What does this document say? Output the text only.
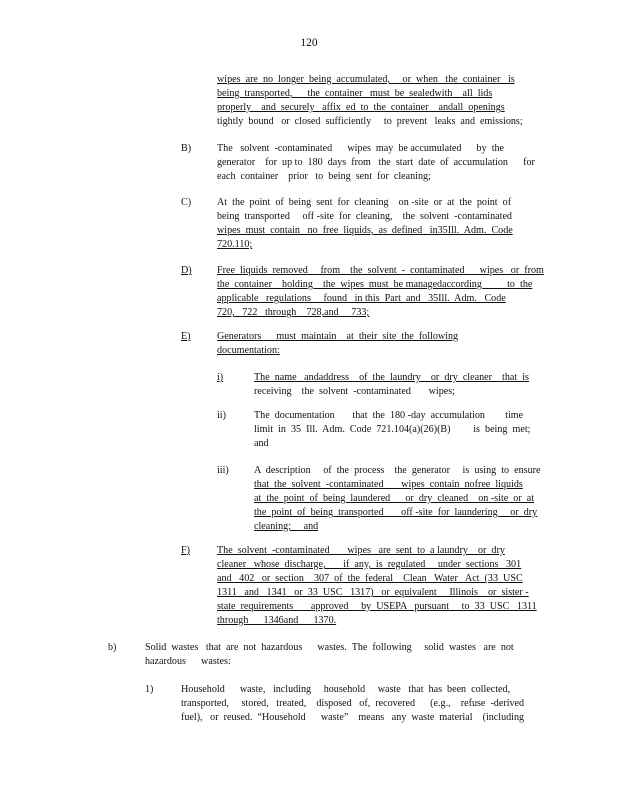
120
wipes  are  no  longer  being  accumulated,     or  when   the  container   is
being  transported,      the  container   must  be  sealedwith    all  lids
properly    and  securely   affix  ed  to  the  container    andall  openings
tightly  bound   or  closed  sufficiently     to  prevent   leaks  and  emissions;
B)	The   solvent  -contaminated      wipes  may  be accumulated      by  the
generator    for  up to  180  days  from   the  start  date  of  accumulation      for
each  container    prior   to  being  sent  for  cleaning;
C)	At  the  point  of  being  sent  for  cleaning    on -site  or  at  the  point  of
being  transported     off -site  for  cleaning,    the  solvent  -contaminated
wipes  must  contain   no  free  liquids,  as  defined   in35Ill.  Adm.  Code
720.110;
D)	Free  liquids  removed     from    the  solvent  -  contaminated      wipes   or  from
the  container    holding    the  wipes  must  be managedaccording          to  the
applicable   regulations     found   in this  Part  and   35Ill.  Adm.   Code
720,   722   through    728,and     733;
E)	Generators      must  maintain    at  their  site  the  following
documentation:
i)	The  name   andaddress    of  the  laundry    or  dry  cleaner    that  is
receiving    the  solvent  -contaminated       wipes;
ii)	The  documentation       that  the  180 -day  accumulation        time
limit  in  35  Ill.  Adm.  Code  721.104(a)(26)(B)         is  being  met;
and
iii) A  description     of  the  process    the  generator     is  using  to  ensure
that  the  solvent  -contaminated       wipes  contain  nofree  liquids
at  the  point  of  being  laundered      or  dry  cleaned    on -site  or  at
the  point  of  being  transported       off -site  for  laundering     or  dry
cleaning;     and
F)	The  solvent  -contaminated       wipes   are  sent  to  a laundry    or  dry
cleaner   whose  discharge,       if  any,  is  regulated     under  sections   301
and   402   or  section    307  of  the  federal    Clean   Water   Act  (33  USC
1311   and   1341   or  33  USC   1317)   or  equivalent     Illinois    or  sister -
state  requirements       approved     by  USEPA   pursuant     to  33  USC   1311
through      1346and      1370.
b)	Solid  wastes   that  are  not  hazardous      wastes.  The  following     solid  wastes   are  not
hazardous      wastes:
1)	Household      waste,   including     household     waste   that  has  been  collected,
transported,     stored,   treated,    disposed   of,  recovered      (e.g.,    refuse  -derived
fuel),   or  reused.  “Household      waste”    means   any  waste  material    (including
